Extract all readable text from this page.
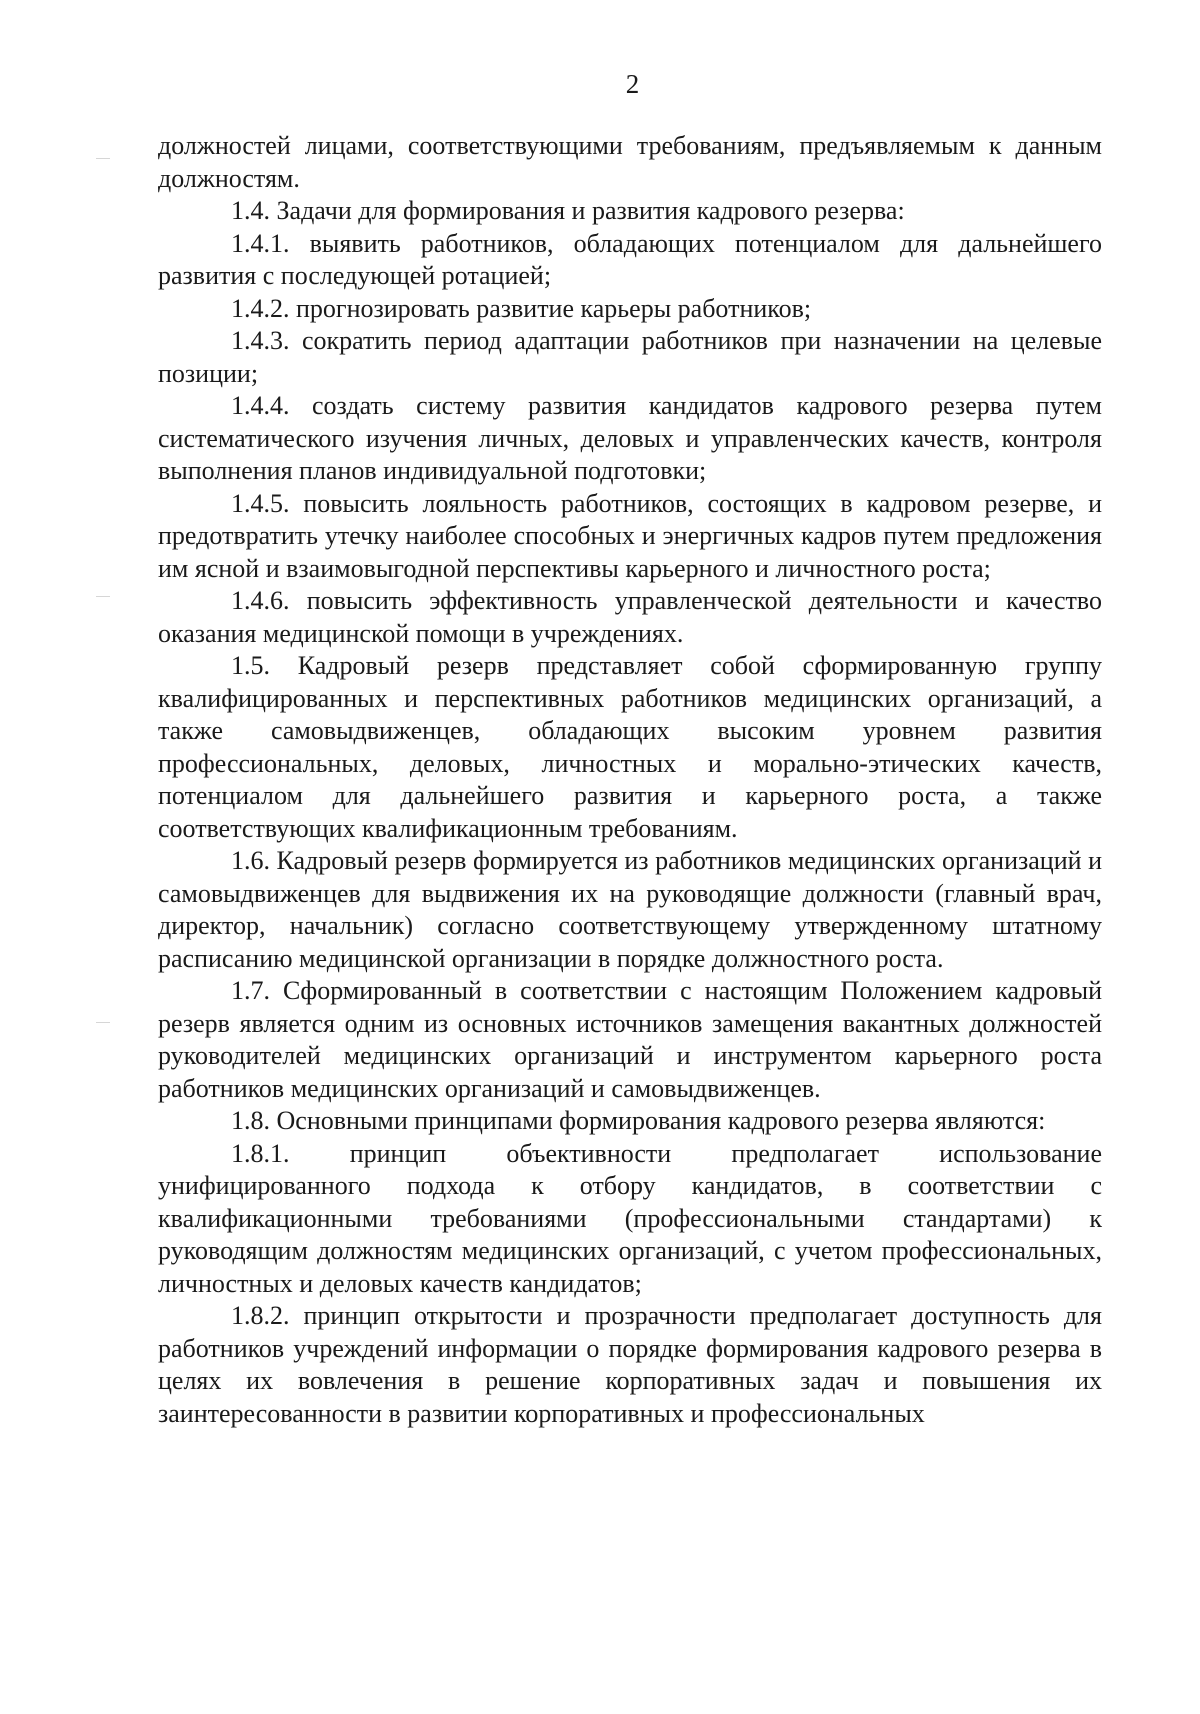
2

должностей лицами, соответствующими требованиям, предъявляемым к данным должностям.

1.4. Задачи для формирования и развития кадрового резерва:

1.4.1. выявить работников, обладающих потенциалом для дальнейшего развития с последующей ротацией;

1.4.2. прогнозировать развитие карьеры работников;

1.4.3. сократить период адаптации работников при назначении на целевые позиции;

1.4.4. создать систему развития кандидатов кадрового резерва путем систематического изучения личных, деловых и управленческих качеств, контроля выполнения планов индивидуальной подготовки;

1.4.5. повысить лояльность работников, состоящих в кадровом резерве, и предотвратить утечку наиболее способных и энергичных кадров путем предложения им ясной и взаимовыгодной перспективы карьерного и личностного роста;

1.4.6. повысить эффективность управленческой деятельности и качество оказания медицинской помощи в учреждениях.

1.5. Кадровый резерв представляет собой сформированную группу квалифицированных и перспективных работников медицинских организаций, а также самовыдвиженцев, обладающих высоким уровнем развития профессиональных, деловых, личностных и морально-этических качеств, потенциалом для дальнейшего развития и карьерного роста, а также соответствующих квалификационным требованиям.

1.6. Кадровый резерв формируется из работников медицинских организаций и самовыдвиженцев для выдвижения их на руководящие должности (главный врач, директор, начальник) согласно соответствующему утвержденному штатному расписанию медицинской организации в порядке должностного роста.

1.7. Сформированный в соответствии с настоящим Положением кадровый резерв является одним из основных источников замещения вакантных должностей руководителей медицинских организаций и инструментом карьерного роста работников медицинских организаций и самовыдвиженцев.

1.8. Основными принципами формирования кадрового резерва являются:

1.8.1. принцип объективности предполагает использование унифицированного подхода к отбору кандидатов, в соответствии с квалификационными требованиями (профессиональными стандартами) к руководящим должностям медицинских организаций, с учетом профессиональных, личностных и деловых качеств кандидатов;

1.8.2. принцип открытости и прозрачности предполагает доступность для работников учреждений информации о порядке формирования кадрового резерва в целях их вовлечения в решение корпоративных задач и повышения их заинтересованности в развитии корпоративных и профессиональных
